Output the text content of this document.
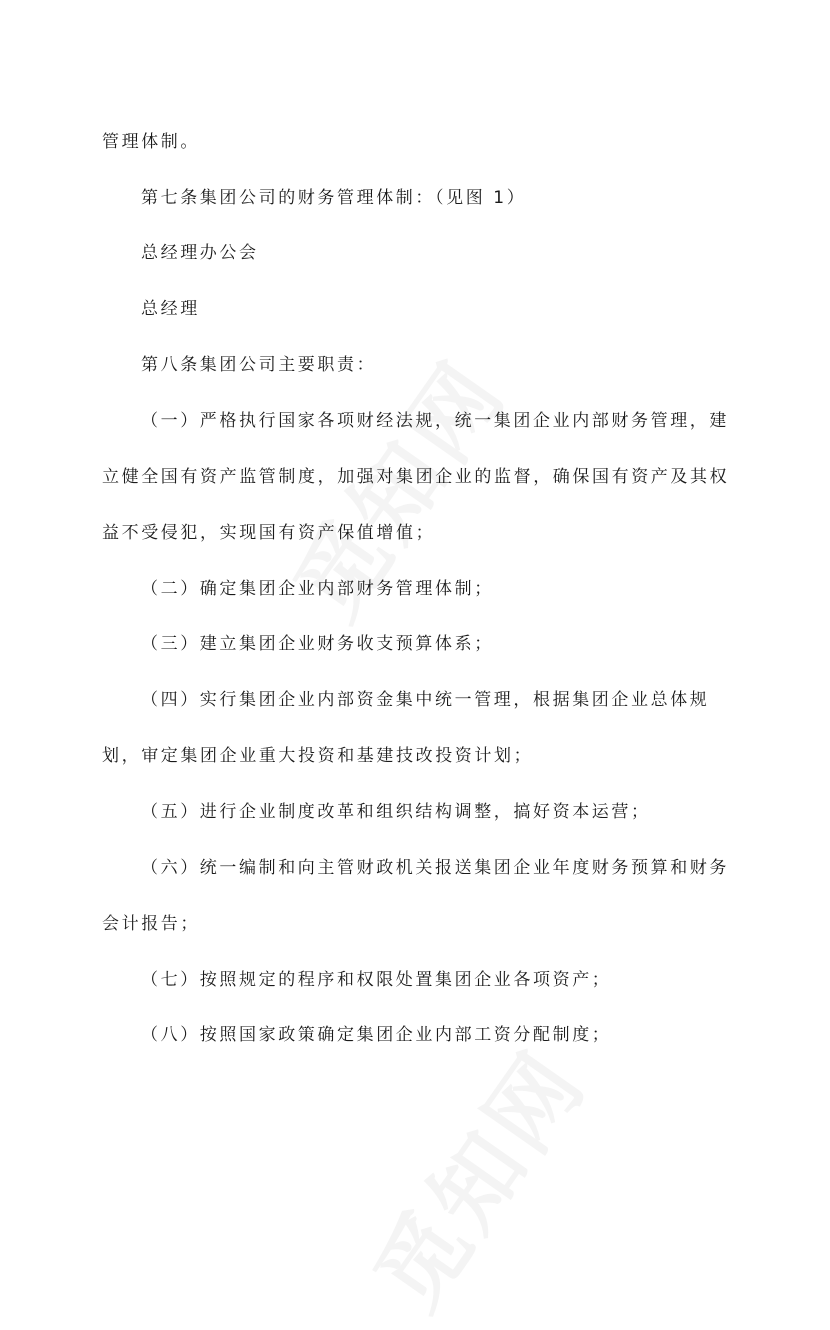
管理体制。
第七条集团公司的财务管理体制：（见图 1）
总经理办公会
总经理
第八条集团公司主要职责：
（一）严格执行国家各项财经法规，统一集团企业内部财务管理，建
立健全国有资产监管制度，加强对集团企业的监督，确保国有资产及其权
益不受侵犯，实现国有资产保值增值；
（二）确定集团企业内部财务管理体制；
（三）建立集团企业财务收支预算体系；
（四）实行集团企业内部资金集中统一管理，根据集团企业总体规
划，审定集团企业重大投资和基建技改投资计划；
（五）进行企业制度改革和组织结构调整，搞好资本运营；
（六）统一编制和向主管财政机关报送集团企业年度财务预算和财务
会计报告；
（七）按照规定的程序和权限处置集团企业各项资产；
（八）按照国家政策确定集团企业内部工资分配制度；
